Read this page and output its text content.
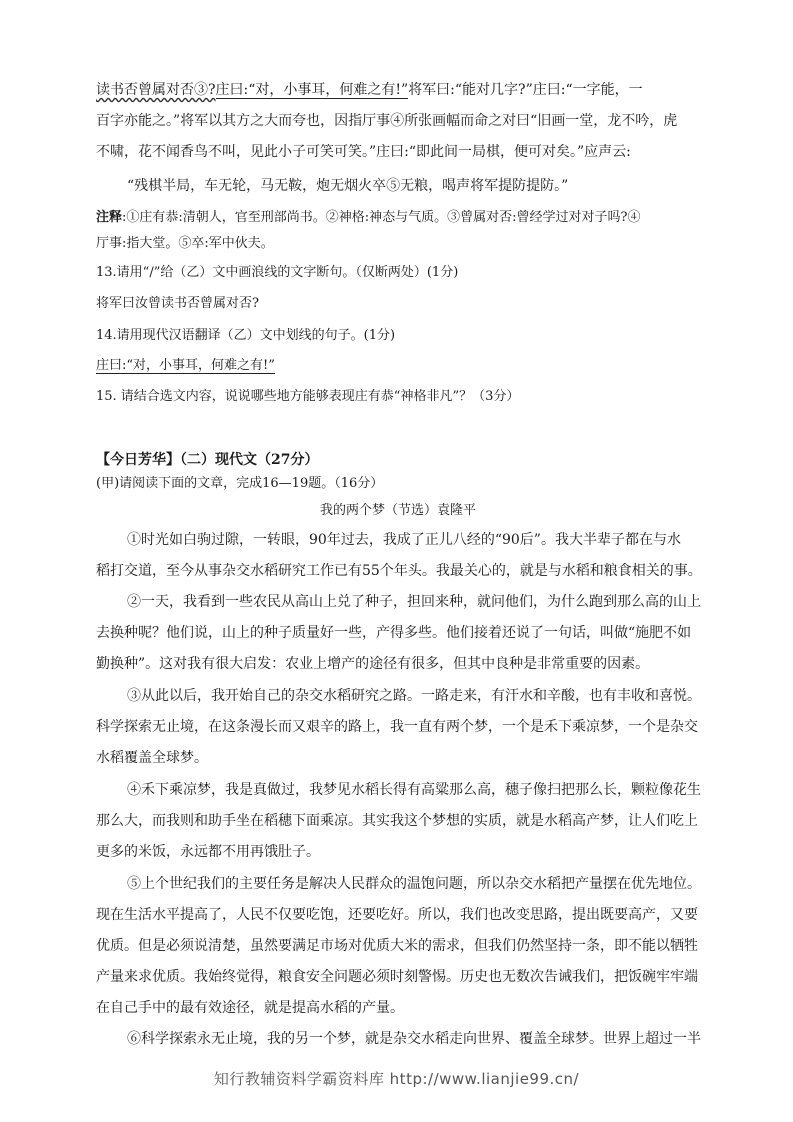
读书否曾属对否③?庄曰:“对，小事耳，何难之有!”将军曰:“能对几字?”庄曰:“一字能，一
百字亦能之。”将军以其方之大而夸也，因指厅事④所张画幅而命之对曰“旧画一堂，龙不吟，虎
不啸，花不闻香鸟不叫，见此小子可笑可笑。”庄曰:“即此间一局棋，便可对矣。”应声云:
“残棋半局，车无轮，马无鞍，炮无烟火卒⑤无粮，喝声将军提防提防。”
注释:①庄有恭:清朝人，官至刑部尚书。②神格:神态与气质。③曾属对否:曾经学过对对子吗?④
厅事:指大堂。⑤卒:军中伙夫。
13.请用“/”给（乙）文中画浪线的文字断句。（仅断两处）(1分)
将军曰汝曾读书否曾属对否?
14.请用现代汉语翻译（乙）文中划线的句子。(1分)
庄曰:“对，小事耳，何难之有!”
15. 请结合选文内容，说说哪些地方能够表现庄有恭“神格非凡”？（3分）
【今日芳华】（二）现代文（27分）
(甲)请阅读下面的文章，完成16—19题。（16分）
我的两个梦（节选）袁隆平
①时光如白驹过隙，一转眼，90年过去，我成了正儿八经的“90后”。我大半辈子都在与水
稻打交道，至今从事杂交水稻研究工作已有55个年头。我最关心的，就是与水稻和粮食相关的事。
②一天，我看到一些农民从高山上兑了种子，担回来种，就问他们，为什么跑到那么高的山上
去换种呢？他们说，山上的种子质量好一些，产得多些。他们接着还说了一句话，叫做“施肥不如
勤换种”。这对我有很大启发：农业上增产的途径有很多，但其中良种是非常重要的因素。
③从此以后，我开始自己的杂交水稻研究之路。一路走来，有汗水和辛酸，也有丰收和喜悦。
科学探索无止境，在这条漫长而又艰辛的路上，我一直有两个梦，一个是禾下乘凉梦，一个是杂交
水稻覆盖全球梦。
④禾下乘凉梦，我是真做过，我梦见水稻长得有高粱那么高，穗子像扫把那么长，颗粒像花生
那么大，而我则和助手坐在稻穗下面乘凉。其实我这个梦想的实质，就是水稻高产梦，让人们吃上
更多的米饭，永远都不用再饿肚子。
⑤上个世纪我们的主要任务是解决人民群众的温饱问题，所以杂交水稻把产量摆在优先地位。
现在生活水平提高了，人民不仅要吃饱，还要吃好。所以，我们也改变思路，提出既要高产，又要
优质。但是必须说清楚，虽然要满足市场对优质大米的需求，但我们仍然坚持一条，即不能以牺牲
产量来求优质。我始终觉得，粮食安全问题必须时刻警惕。历史也无数次告诫我们，把饭碗牢牢端
在自己手中的最有效途径，就是提高水稻的产量。
⑥科学探索永无止境，我的另一个梦，就是杂交水稻走向世界、覆盖全球梦。世界上超过一半
知行教辅资料学霸资料库 http://www.lianjie99.cn/
